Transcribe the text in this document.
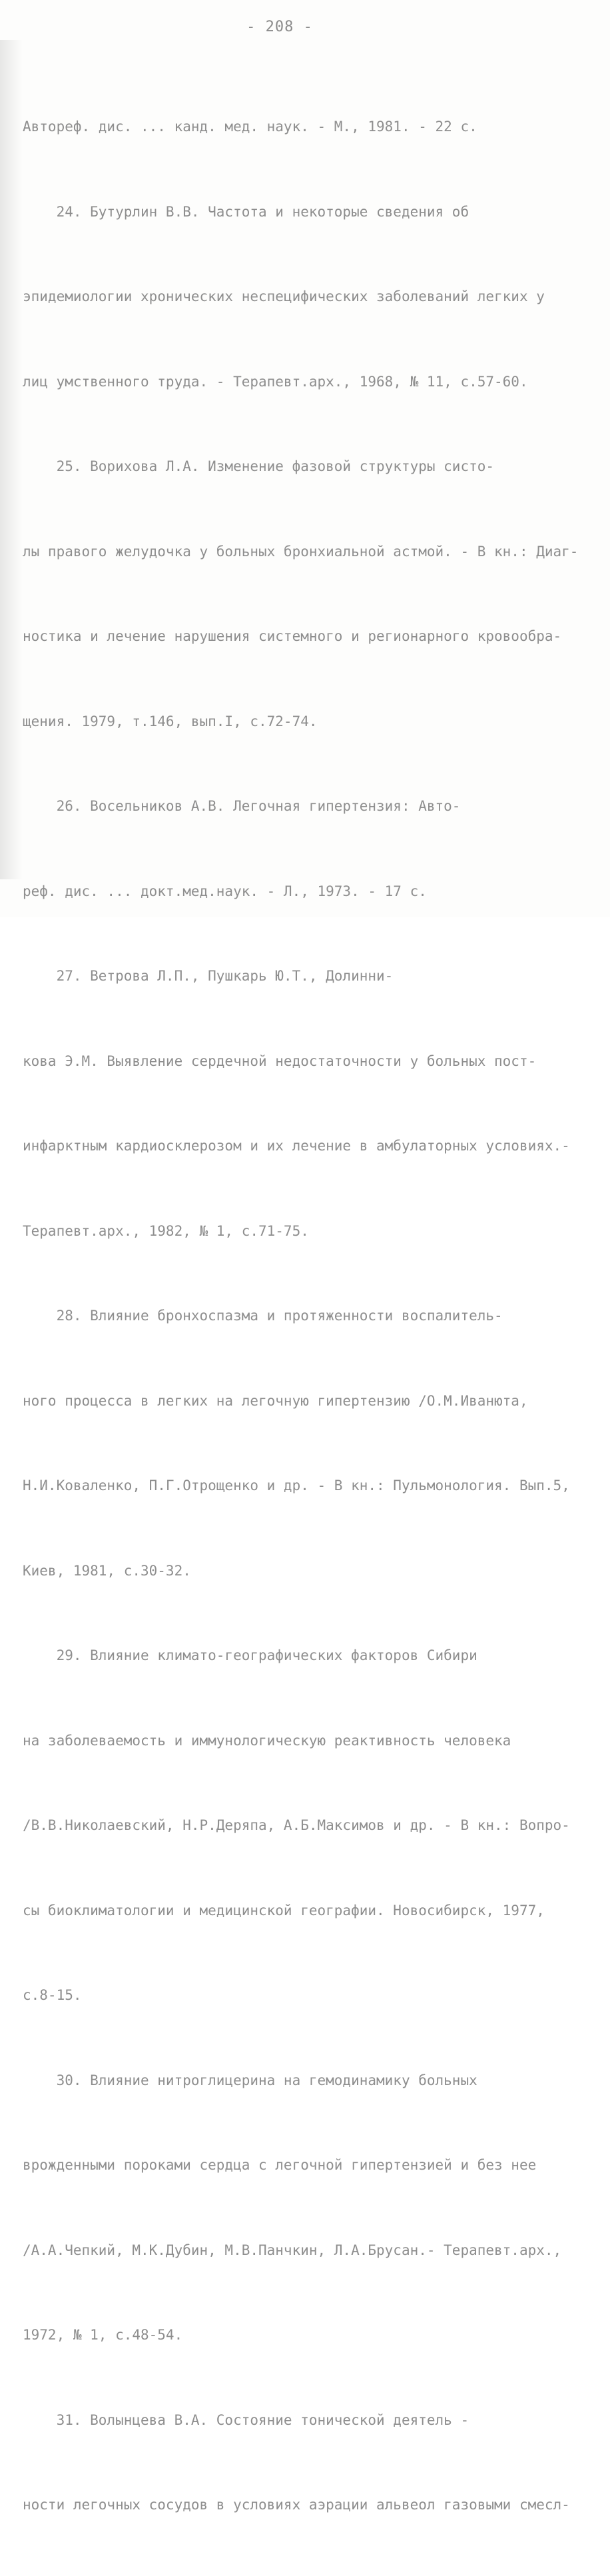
- 208 -

Автореф. дис. ... канд. мед. наук. - М., 1981. - 22 с.

24. Бутурлин В.В. Частота и некоторые сведения об

эпидемиологии хронических неспецифических заболеваний легких у

лиц умственного труда. - Терапевт.арх., 1968, № 11, с.57-60.

25. Ворихова Л.А. Изменение фазовой структуры систо-

лы правого желудочка у больных бронхиальной астмой. - В кн.: Диаг-

ностика и лечение нарушения системного и регионарного кровообра-

щения. 1979, т.146, вып.I, с.72-74.

26. Восельников А.В. Легочная гипертензия: Авто-

реф. дис. ... докт.мед.наук. - Л., 1973. - 17 с.

27. Ветрова Л.П., Пушкарь Ю.Т., Долинни-

кова Э.М. Выявление сердечной недостаточности у больных пост-

инфарктным кардиосклерозом и их лечение в амбулаторных условиях.-

Терапевт.арх., 1982, № 1, с.71-75.

28. Влияние бронхоспазма и протяженности воспалитель-

ного процесса в легких на легочную гипертензию /О.М.Иванюта,

Н.И.Коваленко, П.Г.Отрощенко и др. - В кн.: Пульмонология. Вып.5,

Киев, 1981, с.30-32.

29. Влияние климато-географических факторов Сибири

на заболеваемость и иммунологическую реактивность человека

/В.В.Николаевский, Н.Р.Деряпа, А.Б.Максимов и др. - В кн.: Вопро-

сы биоклиматологии и медицинской географии. Новосибирск, 1977,

с.8-15.

30. Влияние нитроглицерина на гемодинамику больных

врожденными пороками сердца с легочной гипертензией и без нее

/А.А.Чепкий, М.К.Дубин, М.В.Панчкин, Л.А.Брусан.- Терапевт.арх.,

1972, № 1, с.48-54.

31. Волынцева В.А. Состояние тонической деятель -

ности легочных сосудов в условиях аэрации альвеол газовыми смесл-
